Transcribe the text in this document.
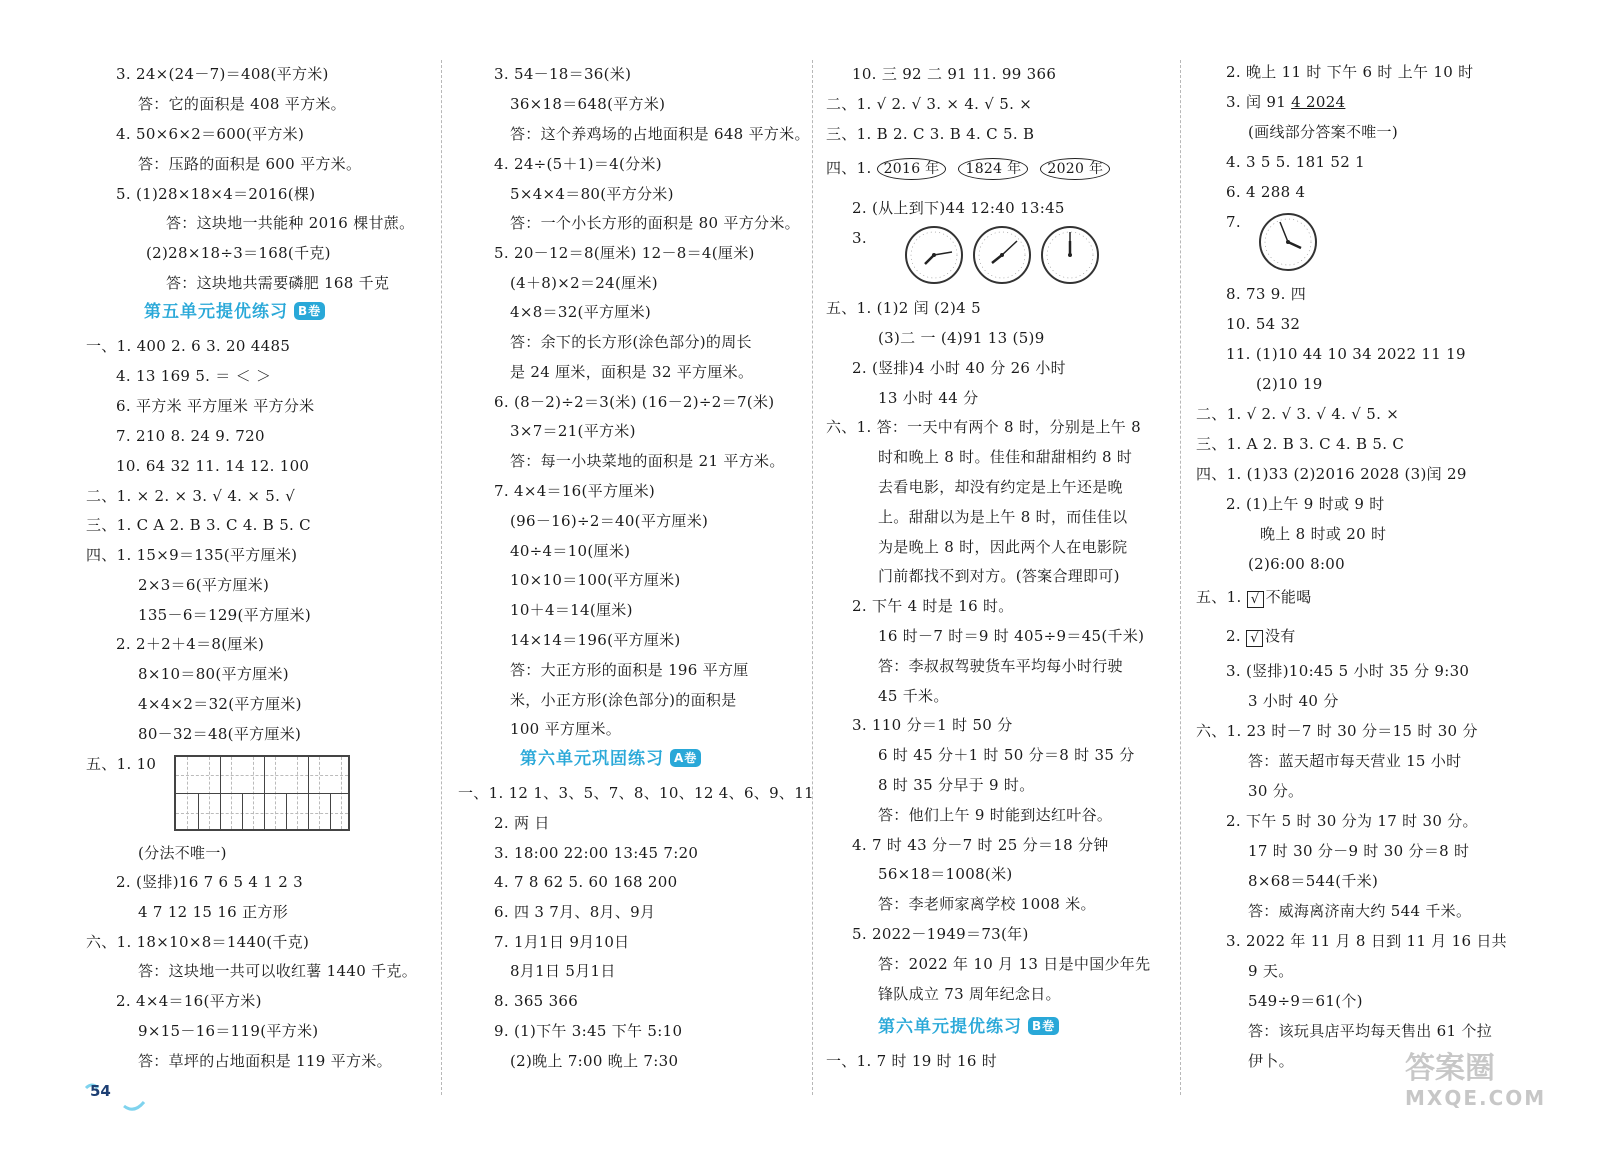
3. 24×(24－7)＝408(平方米)
答：它的面积是 408 平方米。
4. 50×6×2＝600(平方米)
答：压路的面积是 600 平方米。
5. (1)28×18×4＝2016(棵)
答：这块地一共能种 2016 棵甘蔗。
(2)28×18÷3＝168(千克)
答：这块地共需要磷肥 168 千克
第五单元提优练习 B卷
一、1. 400 2. 6 3. 20 4485
4. 13 169 5. ＝ ＜ ＞
6. 平方米 平方厘米 平方分米
7. 210 8. 24 9. 720
10. 64 32 11. 14 12. 100
二、1. × 2. × 3. √ 4. × 5. √
三、1. C A 2. B 3. C 4. B 5. C
四、1. 15×9＝135(平方厘米)
2×3＝6(平方厘米)
135－6＝129(平方厘米)
2. 2＋2＋4＝8(厘米)
8×10＝80(平方厘米)
4×4×2＝32(平方厘米)
80－32＝48(平方厘米)
五、1. 10
(分法不唯一)
2. (竖排)16 7 6 5 4 1 2 3
4 7 12 15 16 正方形
六、1. 18×10×8＝1440(千克)
答：这块地一共可以收红薯 1440 千克。
2. 4×4＝16(平方米)
9×15－16＝119(平方米)
答：草坪的占地面积是 119 平方米。
3. 54－18＝36(米)
36×18＝648(平方米)
答：这个养鸡场的占地面积是 648 平方米。
4. 24÷(5＋1)＝4(分米)
5×4×4＝80(平方分米)
答：一个小长方形的面积是 80 平方分米。
5. 20－12＝8(厘米) 12－8＝4(厘米)
(4＋8)×2＝24(厘米)
4×8＝32(平方厘米)
答：余下的长方形(涂色部分)的周长
是 24 厘米，面积是 32 平方厘米。
6. (8－2)÷2＝3(米) (16－2)÷2＝7(米)
3×7＝21(平方米)
答：每一小块菜地的面积是 21 平方米。
7. 4×4＝16(平方厘米)
(96－16)÷2＝40(平方厘米)
40÷4＝10(厘米)
10×10＝100(平方厘米)
10＋4＝14(厘米)
14×14＝196(平方厘米)
答：大正方形的面积是 196 平方厘
米，小正方形(涂色部分)的面积是
100 平方厘米。
第六单元巩固练习 A卷
一、1. 12 1、3、5、7、8、10、12 4、6、9、11
2. 两 日
3. 18:00 22:00 13:45 7:20
4. 7 8 62 5. 60 168 200
6. 四 3 7月、8月、9月
7. 1月1日 9月10日
8月1日 5月1日
8. 365 366
9. (1)下午 3:45 下午 5:10
(2)晚上 7:00 晚上 7:30
10. 三 92 二 91 11. 99 366
二、1. √ 2. √ 3. × 4. √ 5. ×
三、1. B 2. C 3. B 4. C 5. B
四、1. 2016 年 1824 年 2020 年
2. (从上到下)44 12:40 13:45
3.
五、1. (1)2 闰 (2)4 5
(3)二 一 (4)91 13 (5)9
2. (竖排)4 小时 40 分 26 小时
13 小时 44 分
六、1. 答：一天中有两个 8 时，分别是上午 8
时和晚上 8 时。佳佳和甜甜相约 8 时
去看电影，却没有约定是上午还是晚
上。甜甜以为是上午 8 时，而佳佳以
为是晚上 8 时，因此两个人在电影院
门前都找不到对方。(答案合理即可)
2. 下午 4 时是 16 时。
16 时－7 时＝9 时 405÷9＝45(千米)
答：李叔叔驾驶货车平均每小时行驶
45 千米。
3. 110 分＝1 时 50 分
6 时 45 分＋1 时 50 分＝8 时 35 分
8 时 35 分早于 9 时。
答：他们上午 9 时能到达红叶谷。
4. 7 时 43 分－7 时 25 分＝18 分钟
56×18＝1008(米)
答：李老师家离学校 1008 米。
5. 2022－1949＝73(年)
答：2022 年 10 月 13 日是中国少年先
锋队成立 73 周年纪念日。
第六单元提优练习 B卷
一、1. 7 时 19 时 16 时
2. 晚上 11 时 下午 6 时 上午 10 时
3. 闰 91 4 2024
(画线部分答案不唯一)
4. 3 5 5. 181 52 1
6. 4 288 4
7.
8. 73 9. 四
10. 54 32
11. (1)10 44 10 34 2022 11 19
(2)10 19
二、1. √ 2. √ 3. √ 4. √ 5. ×
三、1. A 2. B 3. C 4. B 5. C
四、1. (1)33 (2)2016 2028 (3)闰 29
2. (1)上午 9 时或 9 时
晚上 8 时或 20 时
(2)6:00 8:00
五、1. √ 不能喝
2. √ 没有
3. (竖排)10:45 5 小时 35 分 9:30
3 小时 40 分
六、1. 23 时－7 时 30 分＝15 时 30 分
答：蓝天超市每天营业 15 小时
30 分。
2. 下午 5 时 30 分为 17 时 30 分。
17 时 30 分－9 时 30 分＝8 时
8×68＝544(千米)
答：威海离济南大约 544 千米。
3. 2022 年 11 月 8 日到 11 月 16 日共
9 天。
549÷9＝61(个)
答：该玩具店平均每天售出 61 个拉
伊卜。
54
答案圈
MXQE.COM
